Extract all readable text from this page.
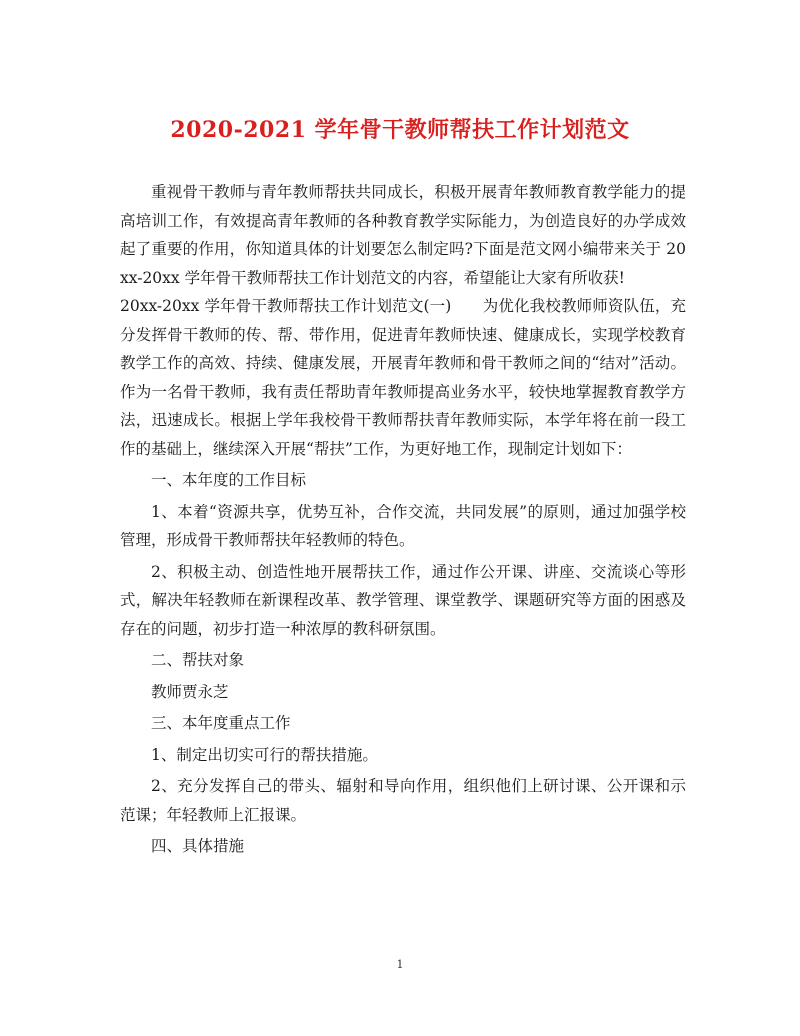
2020-2021 学年骨干教师帮扶工作计划范文

重视骨干教师与青年教师帮扶共同成长，积极开展青年教师教育教学能力的提高培训工作，有效提高青年教师的各种教育教学实际能力，为创造良好的办学成效起了重要的作用，你知道具体的计划要怎么制定吗?下面是范文网小编带来关于 20xx-20xx 学年骨干教师帮扶工作计划范文的内容，希望能让大家有所收获!

20xx-20xx 学年骨干教师帮扶工作计划范文(一)　　为优化我校教师师资队伍，充分发挥骨干教师的传、帮、带作用，促进青年教师快速、健康成长，实现学校教育教学工作的高效、持续、健康发展，开展青年教师和骨干教师之间的“结对”活动。作为一名骨干教师，我有责任帮助青年教师提高业务水平，较快地掌握教育教学方法，迅速成长。根据上学年我校骨干教师帮扶青年教师实际，本学年将在前一段工作的基础上，继续深入开展“帮扶”工作，为更好地工作，现制定计划如下：

一、本年度的工作目标

1、本着“资源共享，优势互补，合作交流，共同发展”的原则，通过加强学校管理，形成骨干教师帮扶年轻教师的特色。

2、积极主动、创造性地开展帮扶工作，通过作公开课、讲座、交流谈心等形式，解决年轻教师在新课程改革、教学管理、课堂教学、课题研究等方面的困惑及存在的问题，初步打造一种浓厚的教科研氛围。

二、帮扶对象

教师贾永芝

三、本年度重点工作

1、制定出切实可行的帮扶措施。

2、充分发挥自己的带头、辐射和导向作用，组织他们上研讨课、公开课和示范课；年轻教师上汇报课。

四、具体措施

1
